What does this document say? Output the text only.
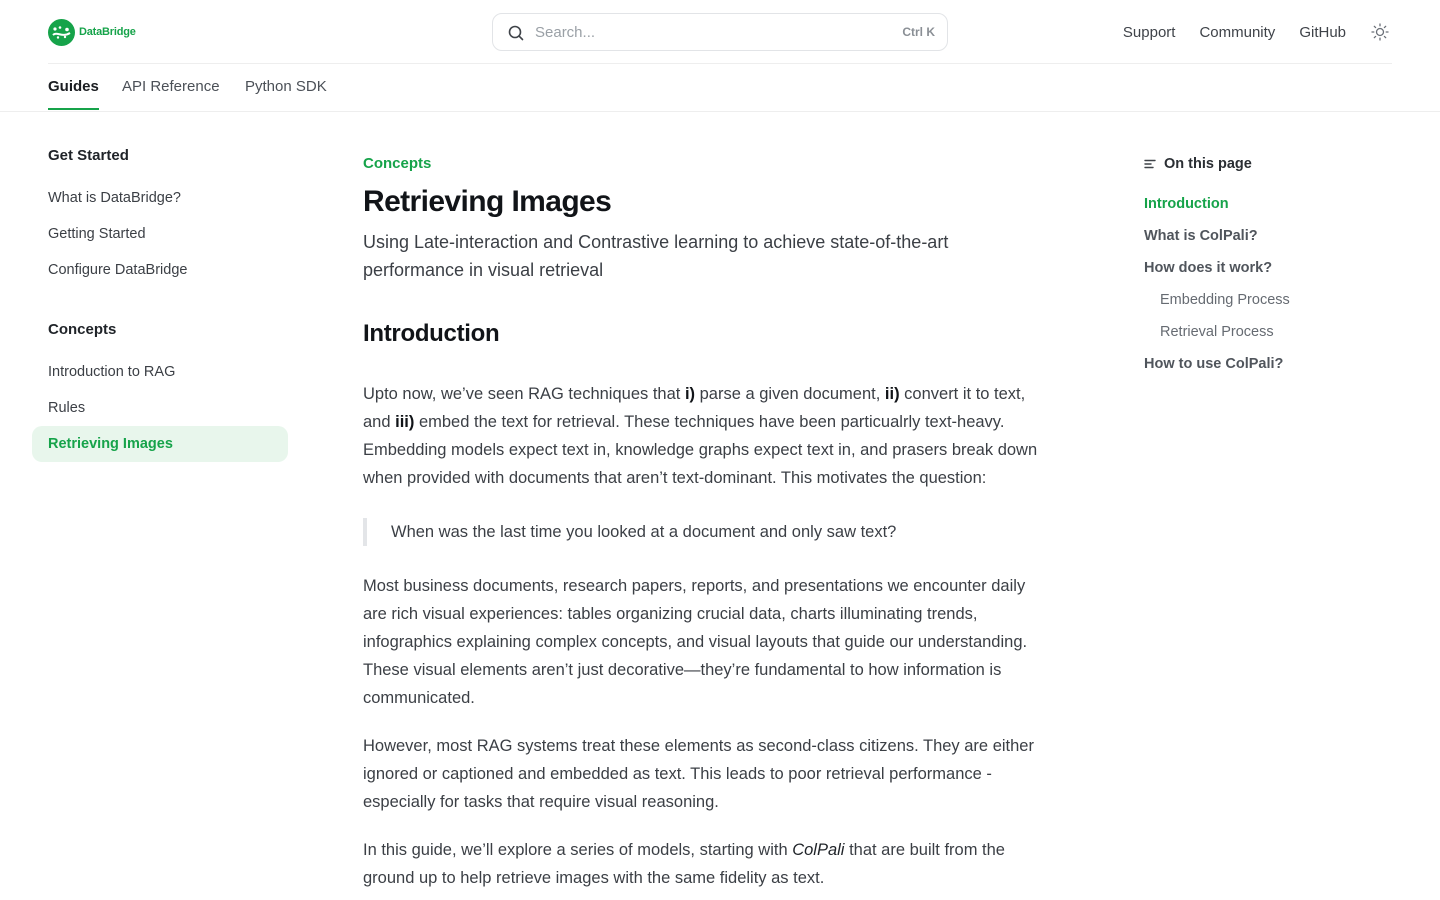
DataBridge	Search...	Ctrl K	Support Community GitHub
Guides API Reference Python SDK
Get Started
What is DataBridge?
Getting Started
Configure DataBridge
Concepts
Introduction to RAG
Rules
Retrieving Images
Concepts
Retrieving Images
Using Late-interaction and Contrastive learning to achieve state-of-the-art performance in visual retrieval
Introduction

Upto now, we’ve seen RAG techniques that i) parse a given document, ii) convert it to text, and iii) embed the text for retrieval. These techniques have been particualrly text-heavy. Embedding models expect text in, knowledge graphs expect text in, and prasers break down when provided with documents that aren’t text-dominant. This motivates the question:

When was the last time you looked at a document and only saw text?

Most business documents, research papers, reports, and presentations we encounter daily are rich visual experiences: tables organizing crucial data, charts illuminating trends, infographics explaining complex concepts, and visual layouts that guide our understanding. These visual elements aren’t just decorative—they’re fundamental to how information is communicated.

However, most RAG systems treat these elements as second-class citizens. They are either ignored or captioned and embedded as text. This leads to poor retrieval performance - especially for tasks that require visual reasoning.

In this guide, we’ll explore a series of models, starting with ColPali that are built from the ground up to help retrieve images with the same fidelity as text.

On this page
Introduction
What is ColPali?
How does it work?
Embedding Process
Retrieval Process
How to use ColPali?
